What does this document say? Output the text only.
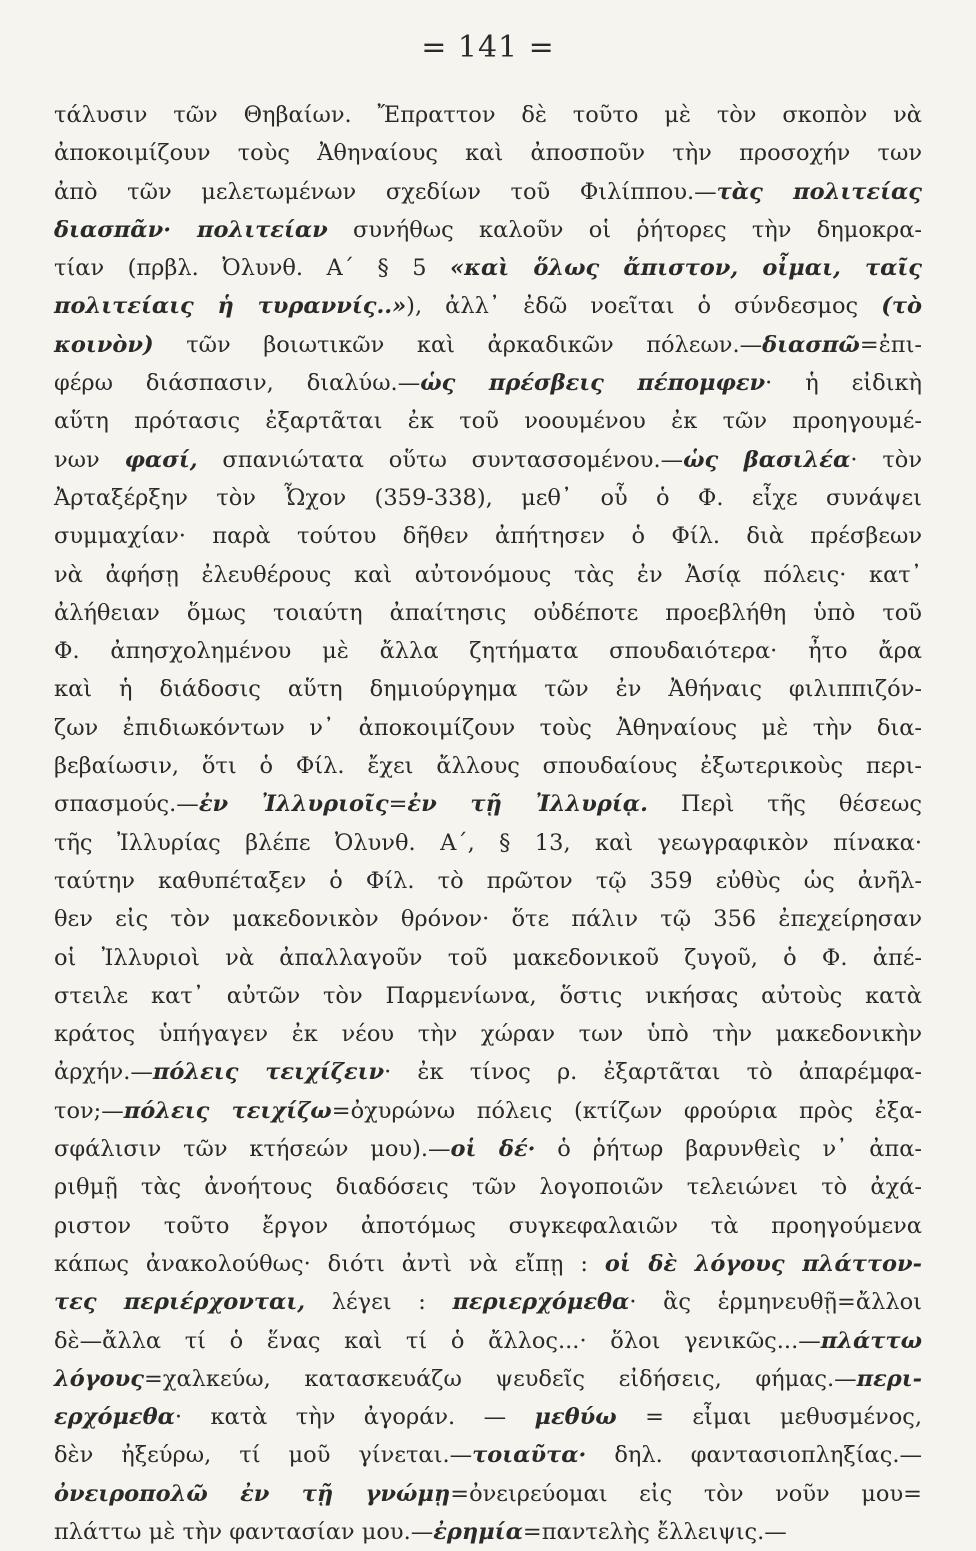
= 141 =
τάλυσιν τῶν Θηβαίων. Ἔπραττον δὲ τοῦτο μὲ τὸν σκοπὸν νὰ
ἀποκοιμίζουν τοὺς Ἀθηναίους καὶ ἀποσποῦν τὴν προσοχήν των
ἀπὸ τῶν μελετωμένων σχεδίων τοῦ Φιλίππου.—τὰς πολιτείας
διασπᾶν· πολιτείαν συνήθως καλοῦν οἱ ῥήτορες τὴν δημοκρα-
τίαν (πρβλ. Ὀλυνθ. Α΄ § 5 «καὶ ὅλως ἄπιστον, οἶμαι, ταῖς
πολιτείαις ἡ τυραννίς..»), ἀλλ᾽ ἐδῶ νοεῖται ὁ σύνδεσμος (τὸ
κοινὸν) τῶν βοιωτικῶν καὶ ἀρκαδικῶν πόλεων.—διασπῶ=ἐπι-
φέρω διάσπασιν, διαλύω.—ὡς πρέσβεις πέπομφεν· ἡ εἰδικὴ
αὕτη πρότασις ἐξαρτᾶται ἐκ τοῦ νοουμένου ἐκ τῶν προηγουμέ-
νων φασί, σπανιώτατα οὕτω συντασσομένου.—ὡς βασιλέα· τὸν
Ἀρταξέρξην τὸν Ὦχον (359-338), μεθ᾽ οὗ ὁ Φ. εἶχε συνάψει
συμμαχίαν· παρὰ τούτου δῆθεν ἀπήτησεν ὁ Φίλ. διὰ πρέσβεων
νὰ ἀφήσῃ ἐλευθέρους καὶ αὐτονόμους τὰς ἐν Ἀσίᾳ πόλεις· κατ᾽
ἀλήθειαν ὅμως τοιαύτη ἀπαίτησις οὐδέποτε προεβλήθη ὑπὸ τοῦ
Φ. ἀπησχολημένου μὲ ἄλλα ζητήματα σπουδαιότερα· ἦτο ἄρα
καὶ ἡ διάδοσις αὕτη δημιούργημα τῶν ἐν Ἀθήναις φιλιππιζόν-
ζων ἐπιδιωκόντων ν᾽ ἀποκοιμίζουν τοὺς Ἀθηναίους μὲ τὴν δια-
βεβαίωσιν, ὅτι ὁ Φίλ. ἔχει ἄλλους σπουδαίους ἐξωτερικοὺς περι-
σπασμούς.—ἐν Ἰλλυριοῖς=ἐν τῇ Ἰλλυρίᾳ. Περὶ τῆς θέσεως
τῆς Ἰλλυρίας βλέπε Ὀλυνθ. Α΄, § 13, καὶ γεωγραφικὸν πίνακα·
ταύτην καθυπέταξεν ὁ Φίλ. τὸ πρῶτον τῷ 359 εὐθὺς ὡς ἀνῆλ-
θεν εἰς τὸν μακεδονικὸν θρόνον· ὅτε πάλιν τῷ 356 ἐπεχείρησαν
οἱ Ἰλλυριοὶ νὰ ἀπαλλαγοῦν τοῦ μακεδονικοῦ ζυγοῦ, ὁ Φ. ἀπέ-
στειλε κατ᾽ αὐτῶν τὸν Παρμενίωνα, ὅστις νικήσας αὐτοὺς κατὰ
κράτος ὑπήγαγεν ἐκ νέου τὴν χώραν των ὑπὸ τὴν μακεδονικὴν
ἀρχήν.—πόλεις τειχίζειν· ἐκ τίνος ρ. ἐξαρτᾶται τὸ ἀπαρέμφα-
τον;—πόλεις τειχίζω=ὀχυρώνω πόλεις (κτίζων φρούρια πρὸς ἐξα-
σφάλισιν τῶν κτήσεών μου).—οἱ δέ· ὁ ῥήτωρ βαρυνθεὶς ν᾽ ἀπα-
ριθμῇ τὰς ἀνοήτους διαδόσεις τῶν λογοποιῶν τελειώνει τὸ ἀχά-
ριστον τοῦτο ἔργον ἀποτόμως συγκεφαλαιῶν τὰ προηγούμενα
κάπως ἀνακολούθως· διότι ἀντὶ νὰ εἴπῃ : οἱ δὲ λόγους πλάττον-
τες περιέρχονται, λέγει : περιερχόμεθα· ἃς ἑρμηνευθῇ=ἄλλοι
δὲ—ἄλλα τί ὁ ἕνας καὶ τί ὁ ἄλλος...· ὅλοι γενικῶς...—πλάττω
λόγους=χαλκεύω, κατασκευάζω ψευδεῖς εἰδήσεις, φήμας.—περι-
ερχόμεθα· κατὰ τὴν ἀγοράν. — μεθύω = εἶμαι μεθυσμένος,
δὲν ἠξεύρω, τί μοῦ γίνεται.—τοιαῦτα· δηλ. φαντασιοπληξίας.—
ὀνειροπολῶ ἐν τῇ γνώμῃ=ὀνειρεύομαι εἰς τὸν νοῦν μου=
πλάττω μὲ τὴν φαντασίαν μου.—ἐρημία=παντελὴς ἔλλειψις.—
